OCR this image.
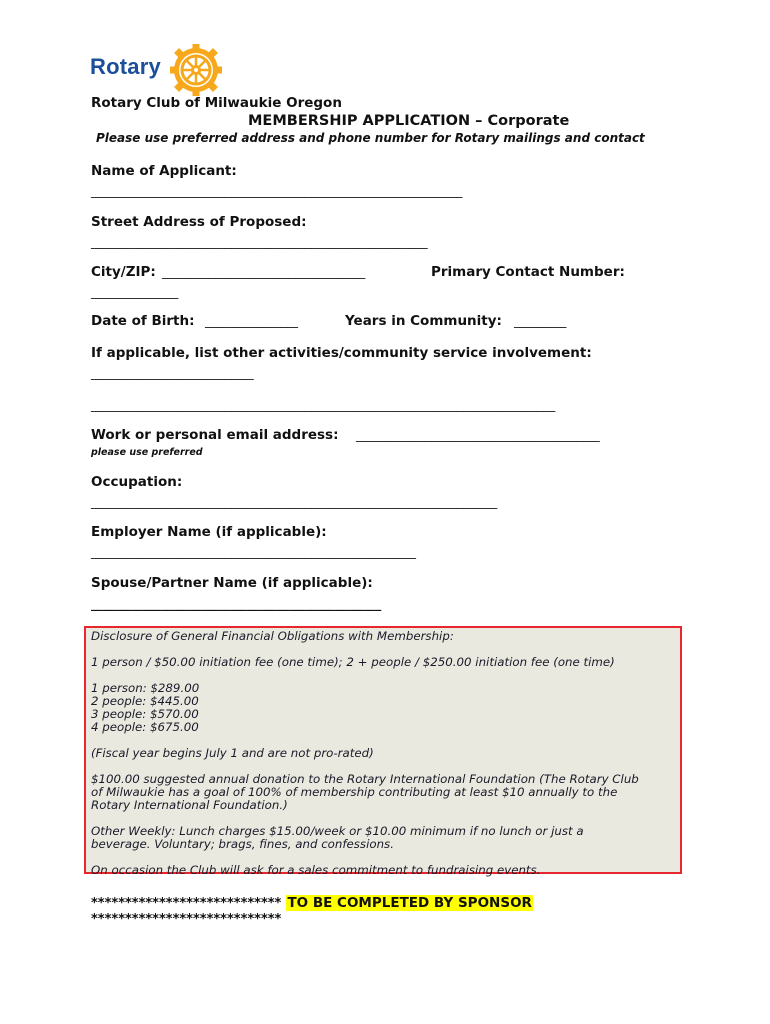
Rotary
Rotary Club of Milwaukie Oregon
MEMBERSHIP APPLICATION – Corporate
Please use preferred address and phone number for Rotary mailings and contact
Name of Applicant:
________________________________________________________________
Street Address of Proposed:
__________________________________________________________
City/ZIP: ___________________________________	Primary Contact Number:
_______________
Date of Birth: ________________	Years in Community: _________
If applicable, list other activities/community service involvement:
____________________________
________________________________________________________________________________
Work or personal email address: __________________________________________
please use preferred
Occupation:
______________________________________________________________________
Employer Name (if applicable):
________________________________________________________
Spouse/Partner Name (if applicable):
__________________________________________________

Disclosure of General Financial Obligations with Membership:

1 person / $50.00 initiation fee (one time); 2 + people / $250.00 initiation fee (one time)

1 person: $289.00

2 people: $445.00

3 people: $570.00

4 people: $675.00

(Fiscal year begins July 1 and are not pro-rated)

$100.00 suggested annual donation to the Rotary International Foundation (The Rotary Club

of Milwaukie has a goal of 100% of membership contributing at least $10 annually to the

Rotary International Foundation.)

Other Weekly: Lunch charges $15.00/week or $10.00 minimum if no lunch or just a

beverage. Voluntary; brags, fines, and confessions.

On occasion the Club will ask for a sales commitment to fundraising events.

**************************** TO BE COMPLETED BY SPONSOR
****************************
